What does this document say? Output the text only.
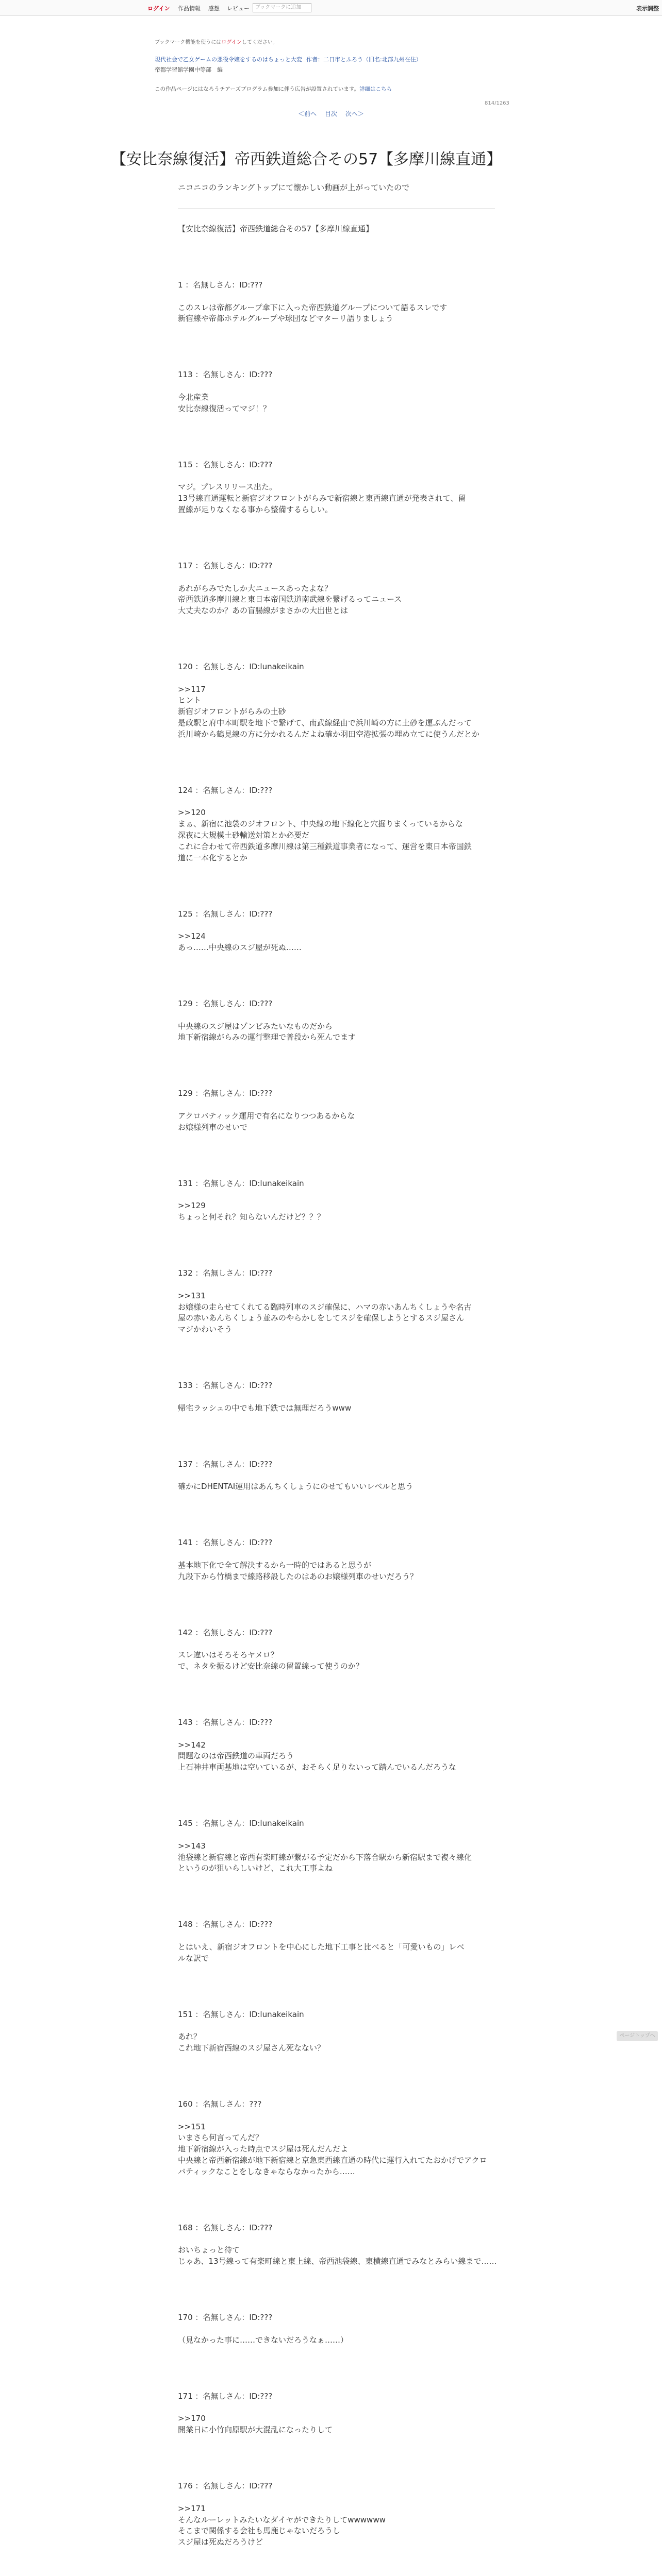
ログイン 作品情報 感想 レビュー	ブックマークに追加	表示調整
ブックマーク機能を使うにはログインしてください。
現代社会で乙女ゲームの悪役令嬢をするのはちょっと大変 作者：二日市とふろう（旧名:北部九州在住）
帝都学習館学園中等部　編
この作品ページにはなろうチアーズプログラム参加に伴う広告が設置されています。詳細はこちら
814/1263
＜前へ 目次 次へ＞
【安比奈線復活】帝西鉄道総合その57【多摩川線直通】

ニコニコのランキングトップにて懐かしい動画が上がっていたので

【安比奈線復活】帝西鉄道総合その57【多摩川線直通】

1 ：名無しさん：ID:???

このスレは帝都グループ傘下に入った帝西鉄道グループについて語るスレです

新宿線や帝都ホテルグループや球団などマターリ語りましょう

113 ：名無しさん：ID:???

今北産業

安比奈線復活ってマジ！？

115 ：名無しさん：ID:???

マジ。プレスリリース出た。

13号線直通運転と新宿ジオフロントがらみで新宿線と東西線直通が発表されて、留

置線が足りなくなる事から整備するらしい。

117 ：名無しさん：ID:???

あれがらみでたしか大ニュースあったよな？

帝西鉄道多摩川線と東日本帝国鉄道南武線を繋げるってニュース

大丈夫なのか？あの盲腸線がまさかの大出世とは

120 ：名無しさん：ID:lunakeikain

>>117

ヒント

新宿ジオフロントがらみの土砂

是政駅と府中本町駅を地下で繋げて、南武線経由で浜川崎の方に土砂を運ぶんだって

浜川崎から鶴見線の方に分かれるんだよね確か羽田空港拡張の埋め立てに使うんだとか

124 ：名無しさん：ID:???

>>120

まぁ、新宿に池袋のジオフロント、中央線の地下線化と穴掘りまくっているからな

深夜に大規模土砂輸送対策とか必要だ

これに合わせて帝西鉄道多摩川線は第三種鉄道事業者になって、運営を東日本帝国鉄

道に一本化するとか

125 ：名無しさん：ID:???

>>124

あっ……中央線のスジ屋が死ぬ……

129 ：名無しさん：ID:???

中央線のスジ屋はゾンビみたいなものだから

地下新宿線がらみの運行整理で普段から死んでます

129 ：名無しさん：ID:???

アクロバティック運用で有名になりつつあるからな

お嬢様列車のせいで

131 ：名無しさん：ID:lunakeikain

>>129

ちょっと何それ？知らないんだけど？？？

132 ：名無しさん：ID:???

>>131

お嬢様の走らせてくれてる臨時列車のスジ確保に、ハマの赤いあんちくしょうや名古

屋の赤いあんちくしょう並みのやらかしをしてスジを確保しようとするスジ屋さん

マジかわいそう

133 ：名無しさん：ID:???

帰宅ラッシュの中でも地下鉄では無理だろうwww

137 ：名無しさん：ID:???

確かにDHENTAI運用はあんちくしょうにのせてもいいレベルと思う

141 ：名無しさん：ID:???

基本地下化で全て解決するから一時的ではあると思うが

九段下から竹橋まで線路移設したのはあのお嬢様列車のせいだろう？

142 ：名無しさん：ID:???

スレ違いはそろそろヤメロ？

で、ネタを振るけど安比奈線の留置線って使うのか？

143 ：名無しさん：ID:???

>>142

問題なのは帝西鉄道の車両だろう

上石神井車両基地は空いているが、おそらく足りないって踏んでいるんだろうな

145 ：名無しさん：ID:lunakeikain

>>143

池袋線と新宿線と帝西有楽町線が繋がる予定だから下落合駅から新宿駅まで複々線化

というのが狙いらしいけど、これ大工事よね

148 ：名無しさん：ID:???

とはいえ、新宿ジオフロントを中心にした地下工事と比べると「可愛いもの」レベ

ルな訳で

151 ：名無しさん：ID:lunakeikain

あれ？

これ地下新宿西線のスジ屋さん死なない？

160 ：名無しさん：???

>>151

いまさら何言ってんだ？

地下新宿線が入った時点でスジ屋は死んだんだよ

中央線と帝西新宿線が地下新宿線と京急東西線直通の時代に運行入れてたおかげでアクロ

バティックなことをしなきゃならなかったから……

168 ：名無しさん：ID:???

おいちょっと待て

じゃあ、13号線って有楽町線と東上線、帝西池袋線、東横線直通でみなとみらい線まで……

170 ：名無しさん：ID:???

（見なかった事に……できないだろうなぁ……）

171 ：名無しさん：ID:???

>>170

開業日に小竹向原駅が大混乱になったりして

176 ：名無しさん：ID:???

>>171

そんなルーレットみたいなダイヤができたりしてwwwwww

そこまで関係する会社も馬鹿じゃないだろうし

スジ屋は死ぬだろうけど

ページトップへ
